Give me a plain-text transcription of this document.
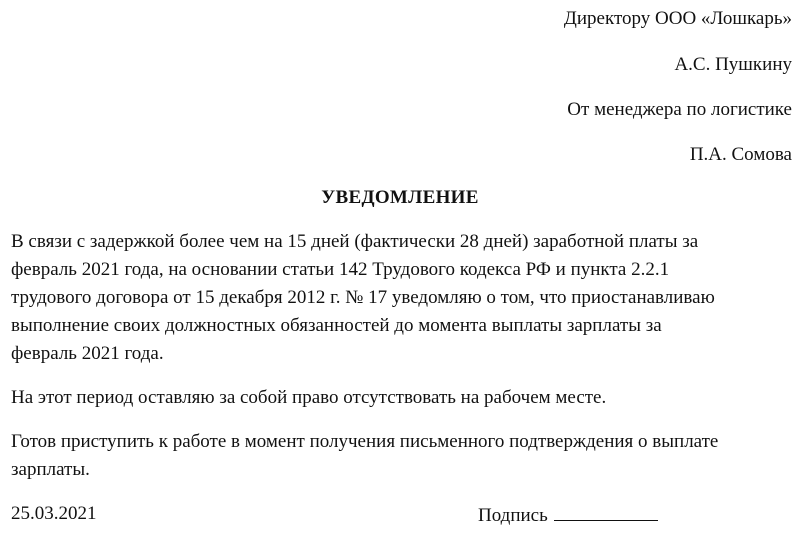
Директору ООО «Лошкарь»
А.С. Пушкину
От менеджера по логистике
П.А. Сомова
УВЕДОМЛЕНИЕ
В связи с задержкой более чем на 15 дней (фактически 28 дней) заработной платы за
февраль 2021 года, на основании статьи 142 Трудового кодекса РФ и пункта 2.2.1
трудового договора от 15 декабря 2012 г. № 17 уведомляю о том, что приостанавливаю
выполнение своих должностных обязанностей до момента выплаты зарплаты за
февраль 2021 года.
На этот период оставляю за собой право отсутствовать на рабочем месте.
Готов приступить к работе в момент получения письменного подтверждения о выплате
зарплаты.
25.03.2021	Подпись
